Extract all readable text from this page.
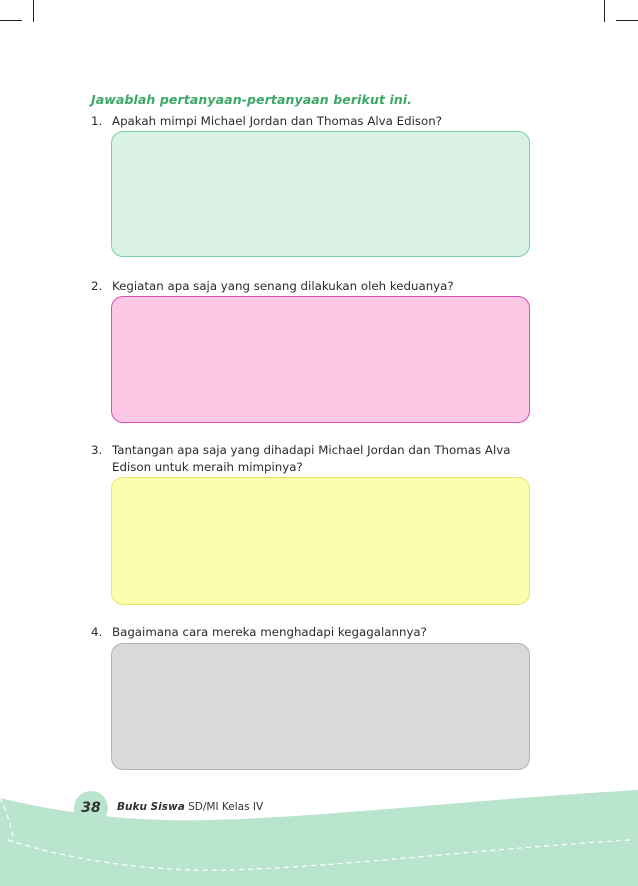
Jawablah pertanyaan-pertanyaan berikut ini.
1. Apakah mimpi Michael Jordan dan Thomas Alva Edison?
2. Kegiatan apa saja yang senang dilakukan oleh keduanya?
3. Tantangan apa saja yang dihadapi Michael Jordan dan Thomas Alva Edison untuk meraih mimpinya?
4. Bagaimana cara mereka menghadapi kegagalannya?
38	Buku Siswa SD/MI Kelas IV
